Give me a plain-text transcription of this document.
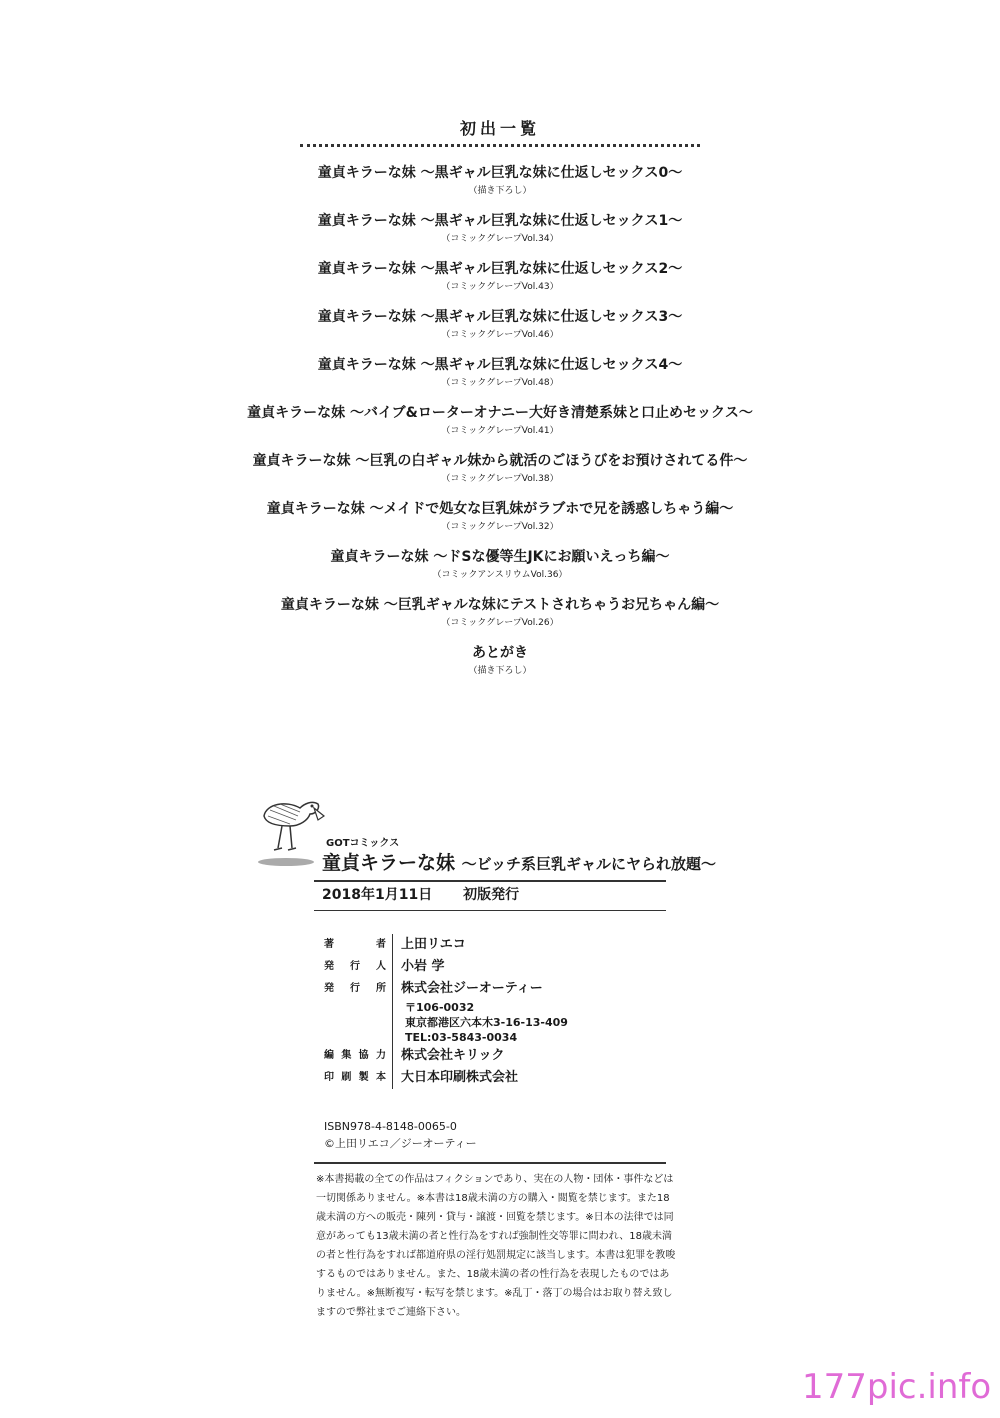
初出一覧
童貞キラーな妹 ～黒ギャル巨乳な妹に仕返しセックス0～
（描き下ろし）
童貞キラーな妹 ～黒ギャル巨乳な妹に仕返しセックス1～
（コミックグレープVol.34）
童貞キラーな妹 ～黒ギャル巨乳な妹に仕返しセックス2～
（コミックグレープVol.43）
童貞キラーな妹 ～黒ギャル巨乳な妹に仕返しセックス3～
（コミックグレープVol.46）
童貞キラーな妹 ～黒ギャル巨乳な妹に仕返しセックス4～
（コミックグレープVol.48）
童貞キラーな妹 ～バイブ&ローターオナニー大好き清楚系妹と口止めセックス～
（コミックグレープVol.41）
童貞キラーな妹 ～巨乳の白ギャル妹から就活のごほうびをお預けされてる件～
（コミックグレープVol.38）
童貞キラーな妹 ～メイドで処女な巨乳妹がラブホで兄を誘惑しちゃう編～
（コミックグレープVol.32）
童貞キラーな妹 ～ドSな優等生JKにお願いえっち編～
（コミックアンスリウムVol.36）
童貞キラーな妹 ～巨乳ギャルな妹にテストされちゃうお兄ちゃん編～
（コミックグレープVol.26）
あとがき
（描き下ろし）
GOTコミックス
童貞キラーな妹 ～ビッチ系巨乳ギャルにヤられ放題～
2018年1月11日 初版発行
著 者	上田リエコ
発行人	小岩 学
発行所	株式会社ジーオーティー
〒106-0032
東京都港区六本木3-16-13-409
TEL:03-5843-0034
編集協力	株式会社キリック
印刷製本	大日本印刷株式会社
ISBN978-4-8148-0065-0
©上田リエコ／ジーオーティー
※本書掲載の全ての作品はフィクションであり、実在の人物・団体・事件などは一切関係ありません。※本書は18歳未満の方の購入・閲覧を禁じます。また18歳未満の方への販売・陳列・貸与・譲渡・回覧を禁じます。※日本の法律では同意があっても13歳未満の者と性行為をすれば強制性交等罪に問われ、18歳未満の者と性行為をすれば都道府県の淫行処罰規定に該当します。本書は犯罪を教唆するものではありません。また、18歳未満の者の性行為を表現したものではありません。※無断複写・転写を禁じます。※乱丁・落丁の場合はお取り替え致しますので弊社までご連絡下さい。
177pic.info
